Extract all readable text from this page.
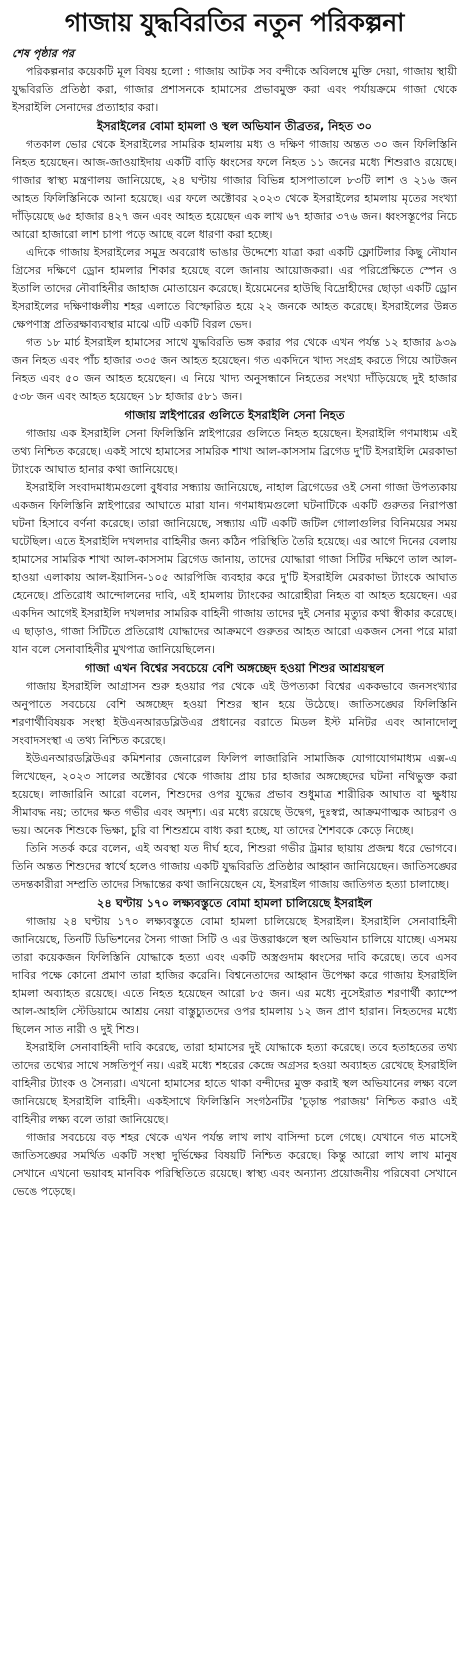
গাজায় যুদ্ধবিরতির নতুন পরিকল্পনা
শেষ পৃষ্ঠার পর

পরিকল্পনার কয়েকটি মূল বিষয় হলো : গাজায় আটক সব বন্দীকে অবিলম্বে মুক্তি দেয়া, গাজায় স্থায়ী যুদ্ধবিরতি প্রতিষ্ঠা করা, গাজার প্রশাসনকে হামাসের প্রভাবমুক্ত করা এবং পর্যায়ক্রমে গাজা থেকে ইসরাইলি সেনাদের প্রত্যাহার করা।

ইসরাইলের বোমা হামলা ও স্থল অভিযান তীব্রতর, নিহত ৩০

গতকাল ভোর থেকে ইসরাইলের সামরিক হামলায় মধ্য ও দক্ষিণ গাজায় অন্তত ৩০ জন ফিলিস্তিনি নিহত হয়েছেন। আজ-জাওয়াইদায় একটি বাড়ি ধ্বংসের ফলে নিহত ১১ জনের মধ্যে শিশুরাও রয়েছে। গাজার স্বাস্থ্য মন্ত্রণালয় জানিয়েছে, ২৪ ঘণ্টায় গাজার বিভিন্ন হাসপাতালে ৮৩টি লাশ ও ২১৬ জন আহত ফিলিস্তিনিকে আনা হয়েছে। এর ফলে অক্টোবর ২০২৩ থেকে ইসরাইলের হামলায় মৃতের সংখ্যা দাঁড়িয়েছে ৬৫ হাজার ৪২৭ জন এবং আহত হয়েছেন এক লাখ ৬৭ হাজার ৩৭৬ জন। ধ্বংসস্তূপের নিচে আরো হাজারো লাশ চাপা পড়ে আছে বলে ধারণা করা হচ্ছে।

এদিকে গাজায় ইসরাইলের সমুদ্র অবরোধ ভাঙার উদ্দেশ্যে যাত্রা করা একটি ফ্লোটিলার কিছু নৌযান গ্রিসের দক্ষিণে ড্রোন হামলার শিকার হয়েছে বলে জানায় আয়োজকরা। এর পরিপ্রেক্ষিতে স্পেন ও ইতালি তাদের নৌবাহিনীর জাহাজ মোতায়েন করেছে। ইয়েমেনের হাউছি বিদ্রোহীদের ছোড়া একটি ড্রোন ইসরাইলের দক্ষিণাঞ্চলীয় শহর এলাতে বিস্ফোরিত হয়ে ২২ জনকে আহত করেছে। ইসরাইলের উন্নত ক্ষেপণাস্ত্র প্রতিরক্ষাব্যবস্থার মাঝে এটি একটি বিরল ভেদ।

গত ১৮ মার্চ ইসরাইল হামাসের সাথে যুদ্ধবিরতি ভঙ্গ করার পর থেকে এখন পর্যন্ত ১২ হাজার ৯৩৯ জন নিহত এবং পাঁচ হাজার ৩৩৫ জন আহত হয়েছেন। গত একদিনে খাদ্য সংগ্রহ করতে গিয়ে আটজন নিহত এবং ৫০ জন আহত হয়েছেন। এ নিয়ে খাদ্য অনুসন্ধানে নিহতের সংখ্যা দাঁড়িয়েছে দুই হাজার ৫৩৮ জন এবং আহত হয়েছেন ১৮ হাজার ৫৮১ জন।

গাজায় স্নাইপারের গুলিতে ইসরাইলি সেনা নিহত

গাজায় এক ইসরাইলি সেনা ফিলিস্তিনি স্নাইপারের গুলিতে নিহত হয়েছেন। ইসরাইলি গণমাধ্যম এই তথ্য নিশ্চিত করেছে। একই সাথে হামাসের সামরিক শাখা আল-কাসসাম ব্রিগেড দু'টি ইসরাইলি মেরকাভা ট্যাংকে আঘাত হানার কথা জানিয়েছে।

ইসরাইলি সংবাদমাধ্যমগুলো বুধবার সন্ধ্যায় জানিয়েছে, নাহাল ব্রিগেডের ওই সেনা গাজা উপত্যকায় একজন ফিলিস্তিনি স্নাইপারের আঘাতে মারা যান। গণমাধ্যমগুলো ঘটনাটিকে একটি গুরুতর নিরাপত্তা ঘটনা হিসাবে বর্ণনা করেছে। তারা জানিয়েছে, সন্ধ্যায় এটি একটি জটিল গোলাগুলির বিনিময়ের সময় ঘটেছিল। এতে ইসরাইলি দখলদার বাহিনীর জন্য কঠিন পরিস্থিতি তৈরি হয়েছে। এর আগে দিনের বেলায় হামাসের সামরিক শাখা আল-কাসসাম ব্রিগেড জানায়, তাদের যোদ্ধারা গাজা সিটির দক্ষিণে তাল আল-হাওয়া এলাকায় আল-ইয়াসিন-১০৫ আরপিজি ব্যবহার করে দু'টি ইসরাইলি মেরকাভা ট্যাংকে আঘাত হেনেছে। প্রতিরোধ আন্দোলনের দাবি, এই হামলায় ট্যাংকের আরোহীরা নিহত বা আহত হয়েছেন। এর একদিন আগেই ইসরাইলি দখলদার সামরিক বাহিনী গাজায় তাদের দুই সেনার মৃত্যুর কথা স্বীকার করেছে। এ ছাড়াও, গাজা সিটিতে প্রতিরোধ যোদ্ধাদের আক্রমণে গুরুতর আহত আরো একজন সেনা পরে মারা যান বলে সেনাবাহিনীর মুখপাত্র জানিয়েছিলেন।

গাজা এখন বিশ্বের সবচেয়ে বেশি অঙ্গচ্ছেদ হওয়া শিশুর আশ্রয়স্থল

গাজায় ইসরাইলি আগ্রাসন শুরু হওয়ার পর থেকে এই উপত্যকা বিশ্বের এককভাবে জনসংখ্যার অনুপাতে সবচেয়ে বেশি অঙ্গচ্ছেদ হওয়া শিশুর স্থান হয়ে উঠেছে। জাতিসঙ্ঘের ফিলিস্তিনি শরণার্থীবিষয়ক সংস্থা ইউএনআরডব্লিউএর প্রধানের বরাতে মিডল ইস্ট মনিটর এবং আনাদোলু সংবাদসংস্থা এ তথ্য নিশ্চিত করেছে।

ইউএনআরডব্লিউএর কমিশনার জেনারেল ফিলিপ লাজারিনি সামাজিক যোগাযোগমাধ্যম এক্স-এ লিখেছেন, ২০২৩ সালের অক্টোবর থেকে গাজায় প্রায় চার হাজার অঙ্গচ্ছেদের ঘটনা নথিভুক্ত করা হয়েছে। লাজারিনি আরো বলেন, শিশুদের ওপর যুদ্ধের প্রভাব শুধুমাত্র শারীরিক আঘাত বা ক্ষুধায় সীমাবদ্ধ নয়; তাদের ক্ষত গভীর এবং অদৃশ্য। এর মধ্যে রয়েছে উদ্বেগ, দুঃস্বপ্ন, আক্রমণাত্মক আচরণ ও ভয়। অনেক শিশুকে ভিক্ষা, চুরি বা শিশুশ্রমে বাধ্য করা হচ্ছে, যা তাদের শৈশবকে কেড়ে নিচ্ছে।

তিনি সতর্ক করে বলেন, এই অবস্থা যত দীর্ঘ হবে, শিশুরা গভীর ট্রমার ছায়ায় প্রজন্ম ধরে ভোগবে। তিনি অন্তত শিশুদের স্বার্থে হলেও গাজায় একটি যুদ্ধবিরতি প্রতিষ্ঠার আহ্বান জানিয়েছেন। জাতিসঙ্ঘের তদন্তকারীরা সম্প্রতি তাদের সিদ্ধান্তের কথা জানিয়েছেন যে, ইসরাইল গাজায় জাতিগত হত্যা চালাচ্ছে।

২৪ ঘণ্টায় ১৭০ লক্ষ্যবস্তুতে বোমা হামলা চালিয়েছে ইসরাইল

গাজায় ২৪ ঘণ্টায় ১৭০ লক্ষ্যবস্তুতে বোমা হামলা চালিয়েছে ইসরাইল। ইসরাইলি সেনাবাহিনী জানিয়েছে, তিনটি ডিভিশনের সৈন্য গাজা সিটি ও এর উত্তরাঞ্চলে স্থল অভিযান চালিয়ে যাচ্ছে। এসময় তারা কয়েকজন ফিলিস্তিনি যোদ্ধাকে হত্যা এবং একটি অস্ত্রগুদাম ধ্বংসের দাবি করেছে। তবে এসব দাবির পক্ষে কোনো প্রমাণ তারা হাজির করেনি। বিশ্বনেতাদের আহ্বান উপেক্ষা করে গাজায় ইসরাইলি হামলা অব্যাহত রয়েছে। এতে নিহত হয়েছেন আরো ৮৫ জন। এর মধ্যে নুসেইরাত শরণার্থী ক্যাম্পে আল-আহলি স্টেডিয়ামে আশ্রয় নেয়া বাস্তুচ্যুতদের ওপর হামলায় ১২ জন প্রাণ হারান। নিহতদের মধ্যে ছিলেন সাত নারী ও দুই শিশু।

ইসরাইলি সেনাবাহিনী দাবি করেছে, তারা হামাসের দুই যোদ্ধাকে হত্যা করেছে। তবে হতাহতের তথ্য তাদের তথ্যের সাথে সঙ্গতিপূর্ণ নয়। এরই মধ্যে শহরের কেন্দ্রে অগ্রসর হওয়া অব্যাহত রেখেছে ইসরাইলি বাহিনীর ট্যাংক ও সৈন্যরা। এখনো হামাসের হাতে থাকা বন্দীদের মুক্ত করাই স্থল অভিযানের লক্ষ্য বলে জানিয়েছে ইসরাইলি বাহিনী। একইসাথে ফিলিস্তিনি সংগঠনটির 'চূড়ান্ত পরাজয়' নিশ্চিত করাও এই বাহিনীর লক্ষ্য বলে তারা জানিয়েছে।

গাজার সবচেয়ে বড় শহর থেকে এখন পর্যন্ত লাখ লাখ বাসিন্দা চলে গেছে। যেখানে গত মাসেই জাতিসঙ্ঘের সমর্থিত একটি সংস্থা দুর্ভিক্ষের বিষয়টি নিশ্চিত করেছে। কিন্তু আরো লাখ লাখ মানুষ সেখানে এখনো ভয়াবহ মানবিক পরিস্থিতিতে রয়েছে। স্বাস্থ্য এবং অন্যান্য প্রয়োজনীয় পরিষেবা সেখানে ভেঙে পড়েছে।
